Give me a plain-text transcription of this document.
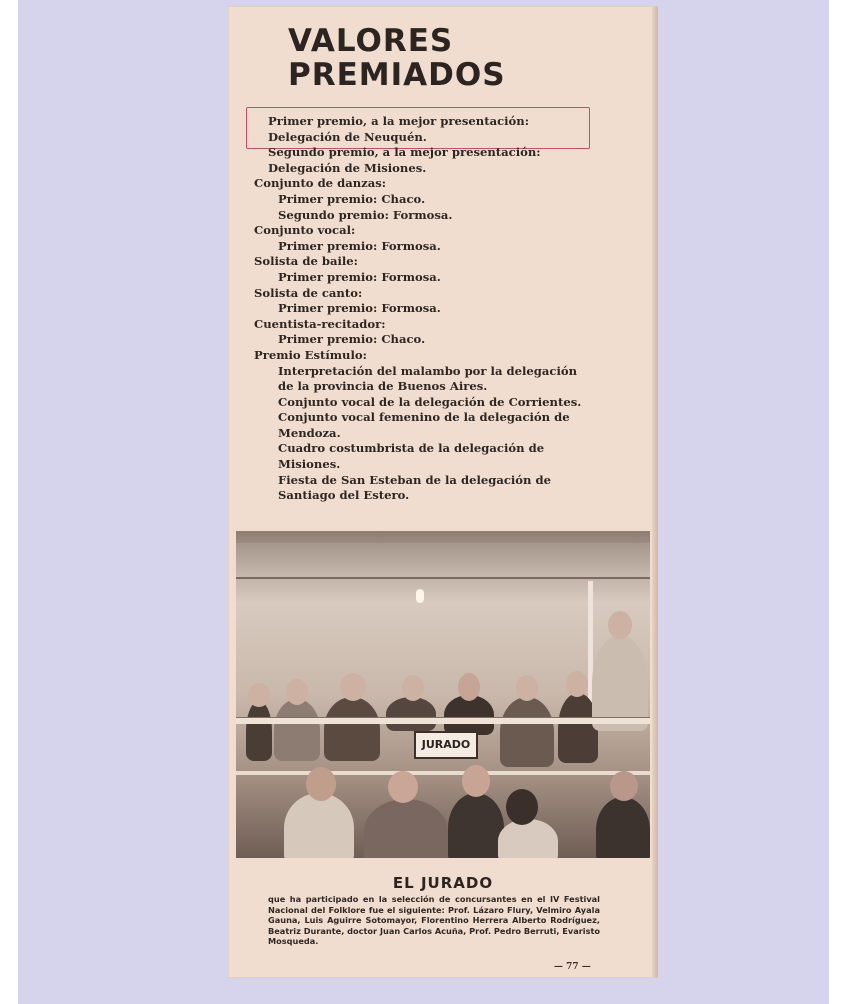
VALORES
PREMIADOS

Primer premio, a la mejor presentación: Delegación de Neuquén.

Segundo premio, a la mejor presentación: Delegación de Misiones.

Conjunto de danzas:

Primer premio: Chaco.

Segundo premio: Formosa.

Conjunto vocal:

Primer premio: Formosa.

Solista de baile:

Primer premio: Formosa.

Solista de canto:

Primer premio: Formosa.

Cuentista-recitador:

Primer premio: Chaco.

Premio Estímulo:

Interpretación del malambo por la delegación de la provincia de Buenos Aires.

Conjunto vocal de la delegación de Corrientes.

Conjunto vocal femenino de la delegación de Mendoza.

Cuadro costumbrista de la delegación de Misiones.

Fiesta de San Esteban de la delegación de Santiago del Estero.

JURADO
EL JURADO

que ha participado en la selección de concursantes en el IV Festival Nacional del Folklore fue el siguiente: Prof. Lázaro Flury, Velmiro Ayala Gauna, Luis Aguirre Sotomayor, Florentino Herrera Alberto Rodríguez, Beatriz Durante, doctor Juan Carlos Acuña, Prof. Pedro Berruti, Evaristo Mosqueda.

— 77 —
